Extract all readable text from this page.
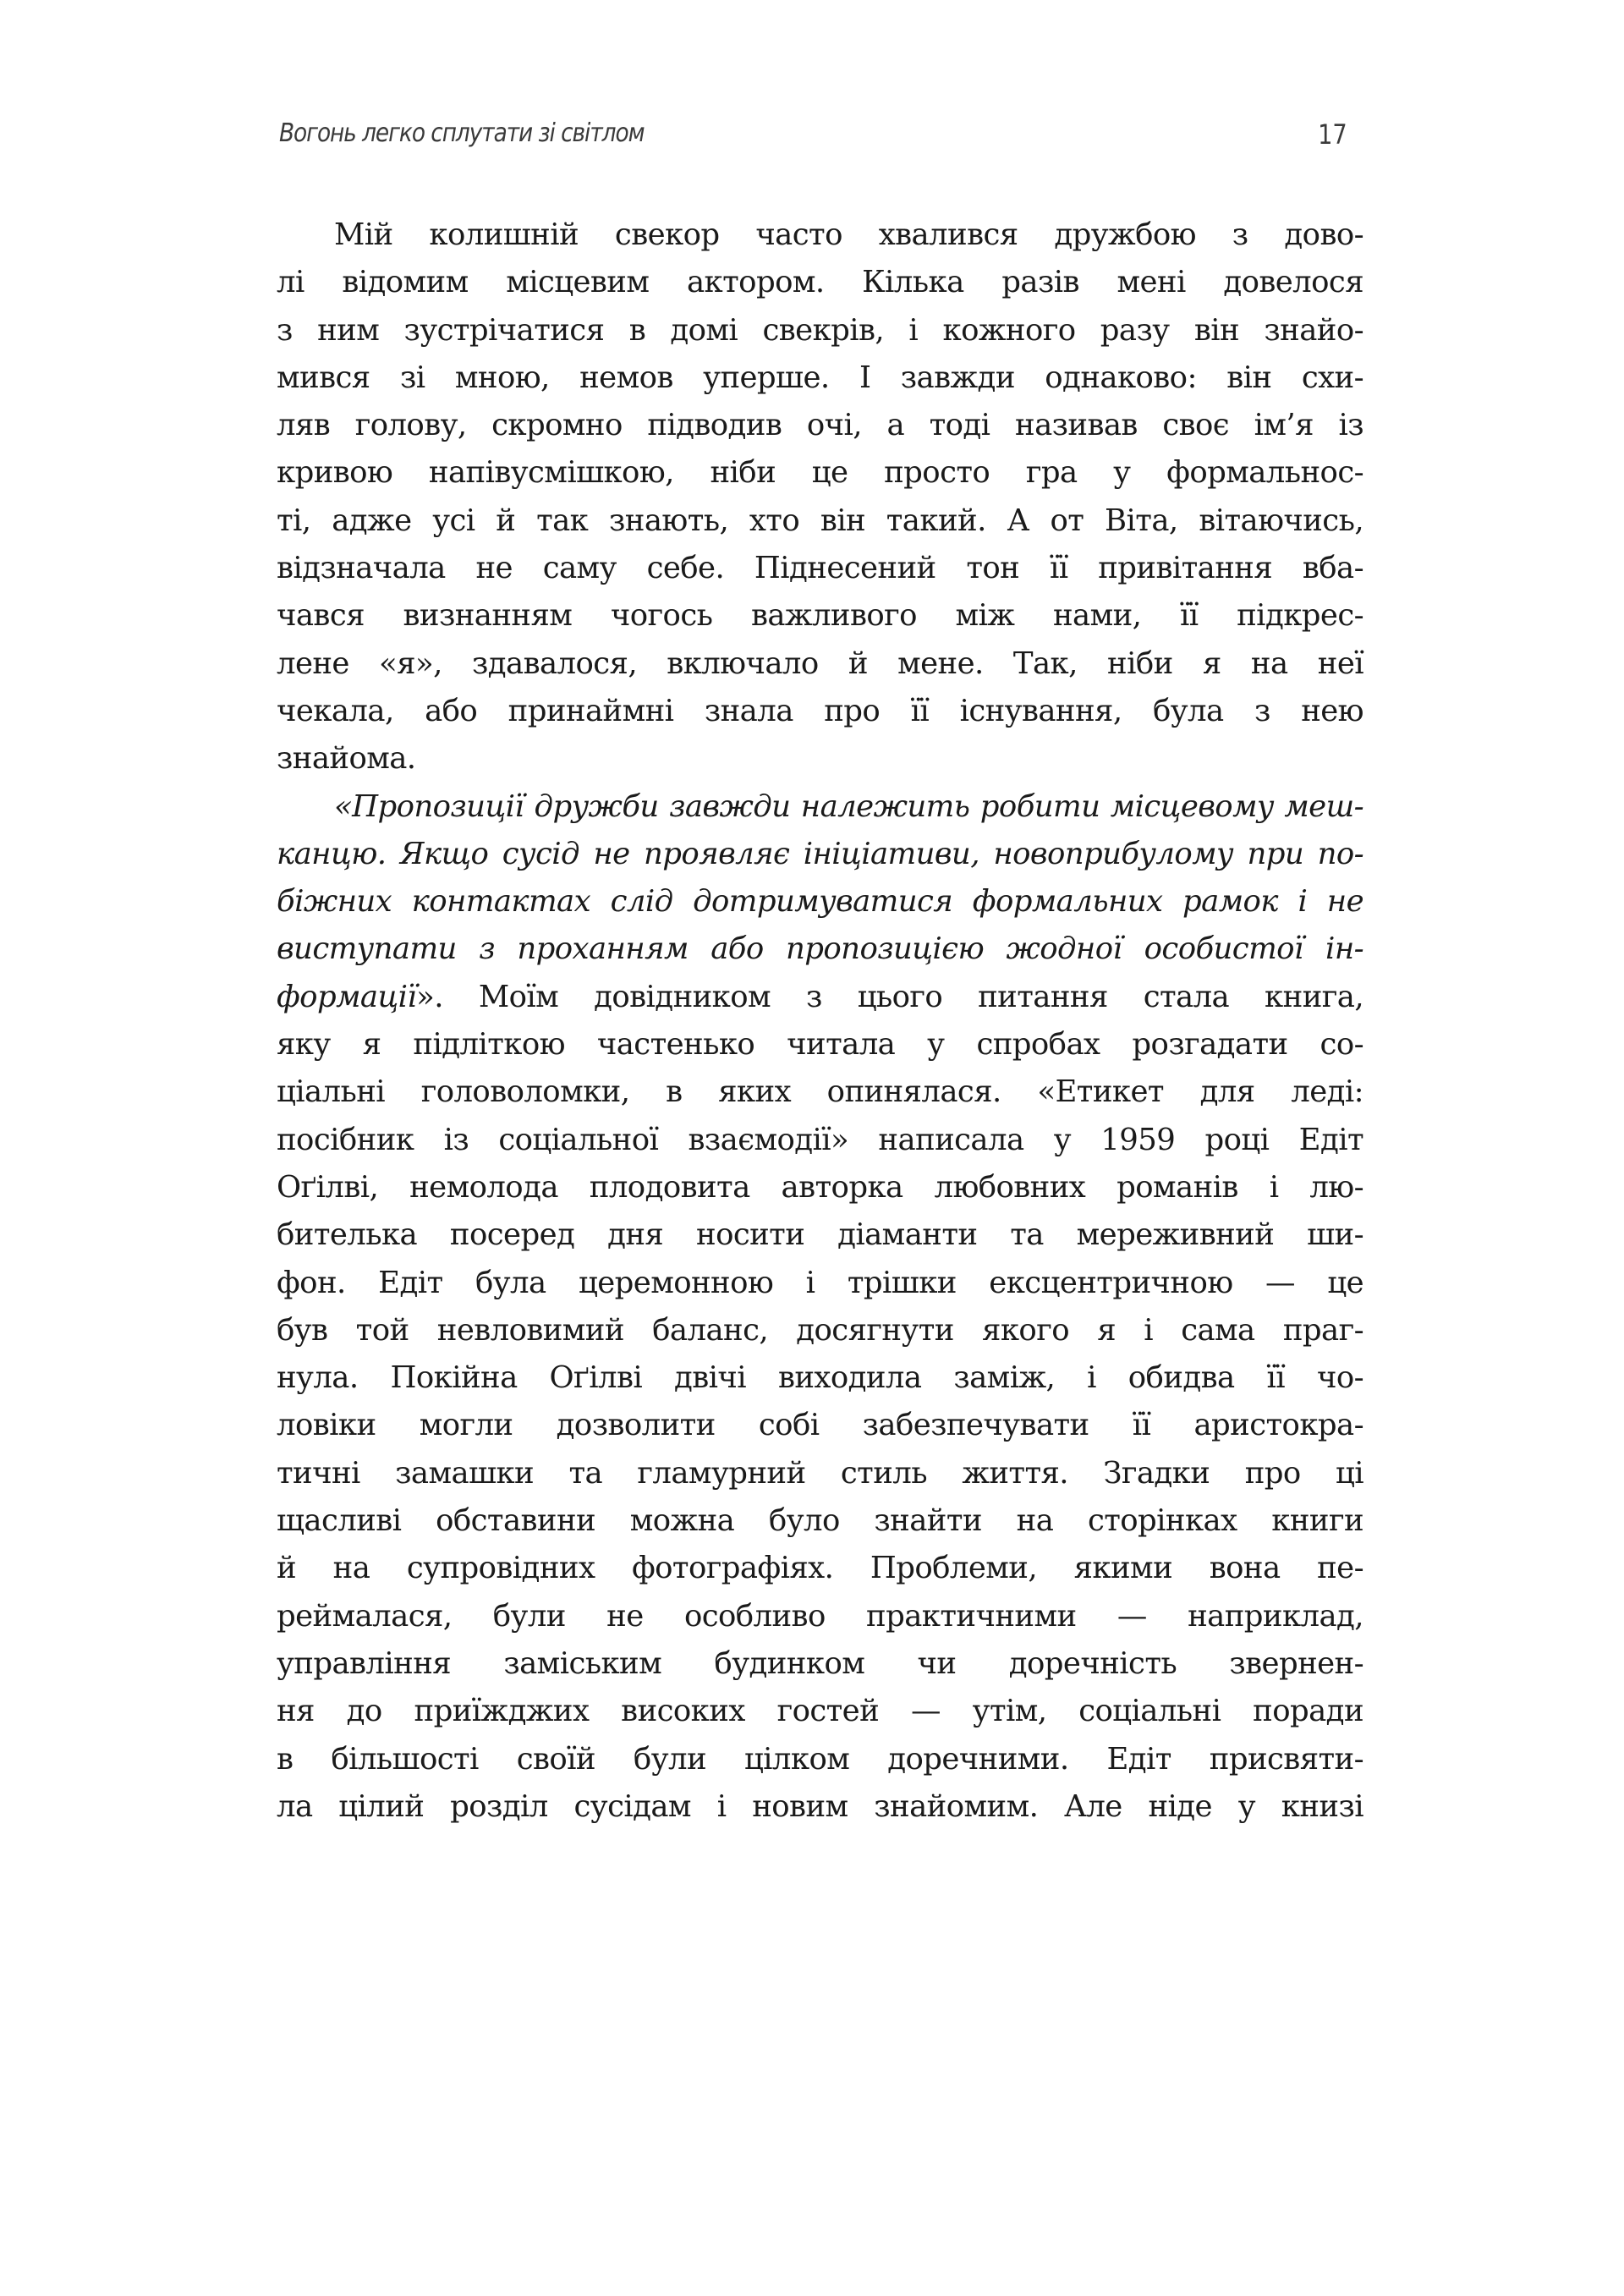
Вогонь легко сплутати зі світлом	17
Мій колишній свекор часто хвалився дружбою з дово-
лі відомим місцевим актором. Кілька разів мені довелося
з ним зустрічатися в домі свекрів, і кожного разу він знайо-
мився зі мною, немов уперше. І завжди однаково: він схи-
ляв голову, скромно підводив очі, а тоді називав своє ім’я із
кривою напівусмішкою, ніби це просто гра у формальнос-
ті, адже усі й так знають, хто він такий. А от Віта, вітаючись,
відзначала не саму себе. Піднесений тон її привітання вба-
чався визнанням чогось важливого між нами, її підкрес-
лене «я», здавалося, включало й мене. Так, ніби я на неї
чекала, або принаймні знала про її існування, була з нею
знайома.
«Пропозиції дружби завжди належить робити місцевому меш-
канцю. Якщо сусід не проявляє ініціативи, новоприбулому при по-
біжних контактах слід дотримуватися формальних рамок і не
виступати з проханням або пропозицією жодної особистої ін-
формації». Моїм довідником з цього питання стала книга,
яку я підліткою частенько читала у спробах розгадати со-
ціальні головоломки, в яких опинялася. «Етикет для леді:
посібник із соціальної взаємодії» написала у 1959 році Едіт
Оґілві, немолода плодовита авторка любовних романів і лю-
бителька посеред дня носити діаманти та мереживний ши-
фон. Едіт була церемонною і трішки ексцентричною — це
був той невловимий баланс, досягнути якого я і сама праг-
нула. Покійна Оґілві двічі виходила заміж, і обидва її чо-
ловіки могли дозволити собі забезпечувати її аристокра-
тичні замашки та гламурний стиль життя. Згадки про ці
щасливі обставини можна було знайти на сторінках книги
й на супровідних фотографіях. Проблеми, якими вона пе-
реймалася, були не особливо практичними — наприклад,
управління заміським будинком чи доречність звернен-
ня до приїжджих високих гостей — утім, соціальні поради
в більшості своїй були цілком доречними. Едіт присвяти-
ла цілий розділ сусідам і новим знайомим. Але ніде у книзі
